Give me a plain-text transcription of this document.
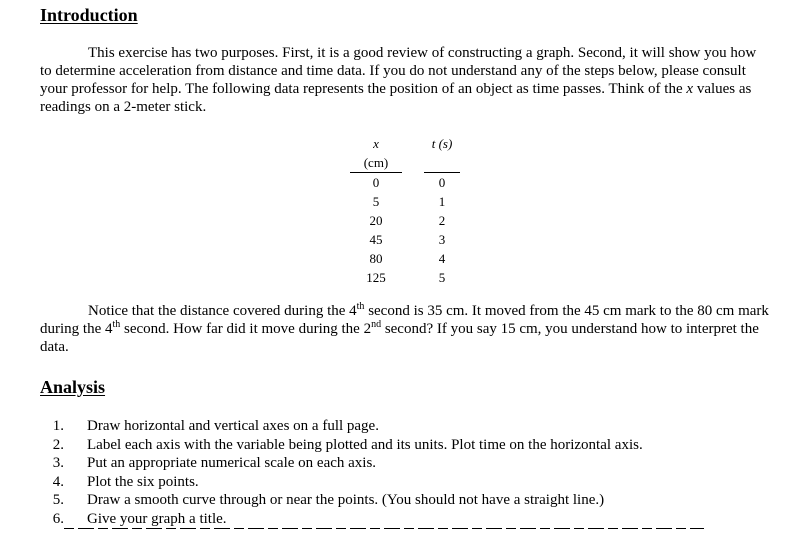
Introduction

This exercise has two purposes. First, it is a good review of constructing a graph. Second, it will show you how to determine acceleration from distance and time data. If you do not understand any of the steps below, please consult your professor for help. The following data represents the position of an object as time passes. Think of the x values as readings on a 2-meter stick.

x		t (s)
(cm)		
0		0
5		1
20		2
45		3
80		4
125		5

Notice that the distance covered during the 4th second is 35 cm. It moved from the 45 cm mark to the 80 cm mark during the 4th second. How far did it move during the 2nd second? If you say 15 cm, you understand how to interpret the data.

Analysis
1. Draw horizontal and vertical axes on a full page.
2. Label each axis with the variable being plotted and its units. Plot time on the horizontal axis.
3. Put an appropriate numerical scale on each axis.
4. Plot the six points.
5. Draw a smooth curve through or near the points. (You should not have a straight line.)
6. Give your graph a title.
